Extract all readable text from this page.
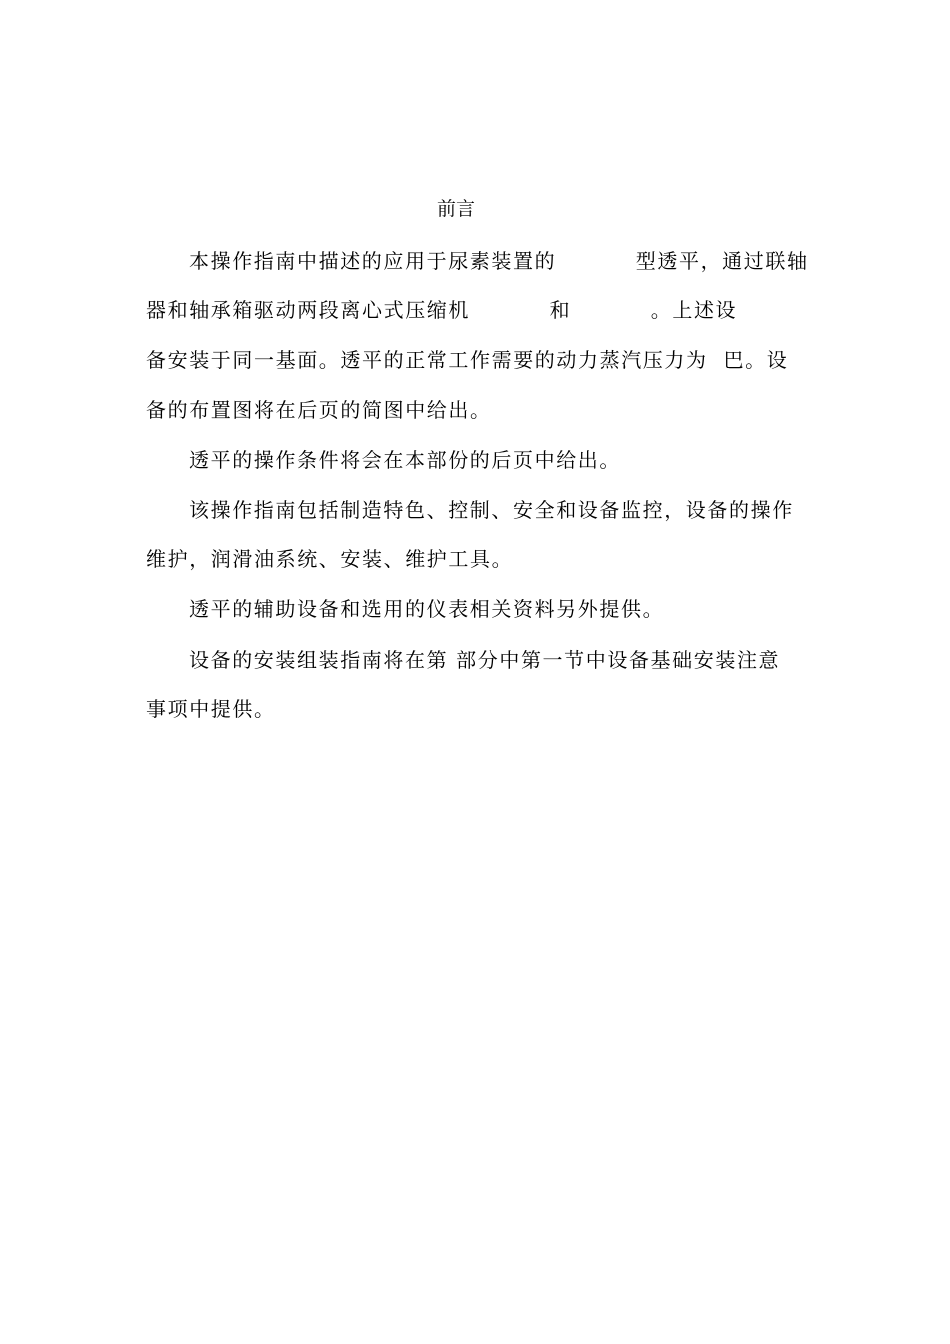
前言
本操作指南中描述的应用于尿素装置的          型透平，通过联轴
器和轴承箱驱动两段离心式压缩机          和          。上述设
备安装于同一基面。透平的正常工作需要的动力蒸汽压力为  巴。设
备的布置图将在后页的简图中给出。
透平的操作条件将会在本部份的后页中给出。
该操作指南包括制造特色、控制、安全和设备监控，设备的操作
维护，润滑油系统、安装、维护工具。
透平的辅助设备和选用的仪表相关资料另外提供。
设备的安装组装指南将在第 部分中第一节中设备基础安装注意
事项中提供。
